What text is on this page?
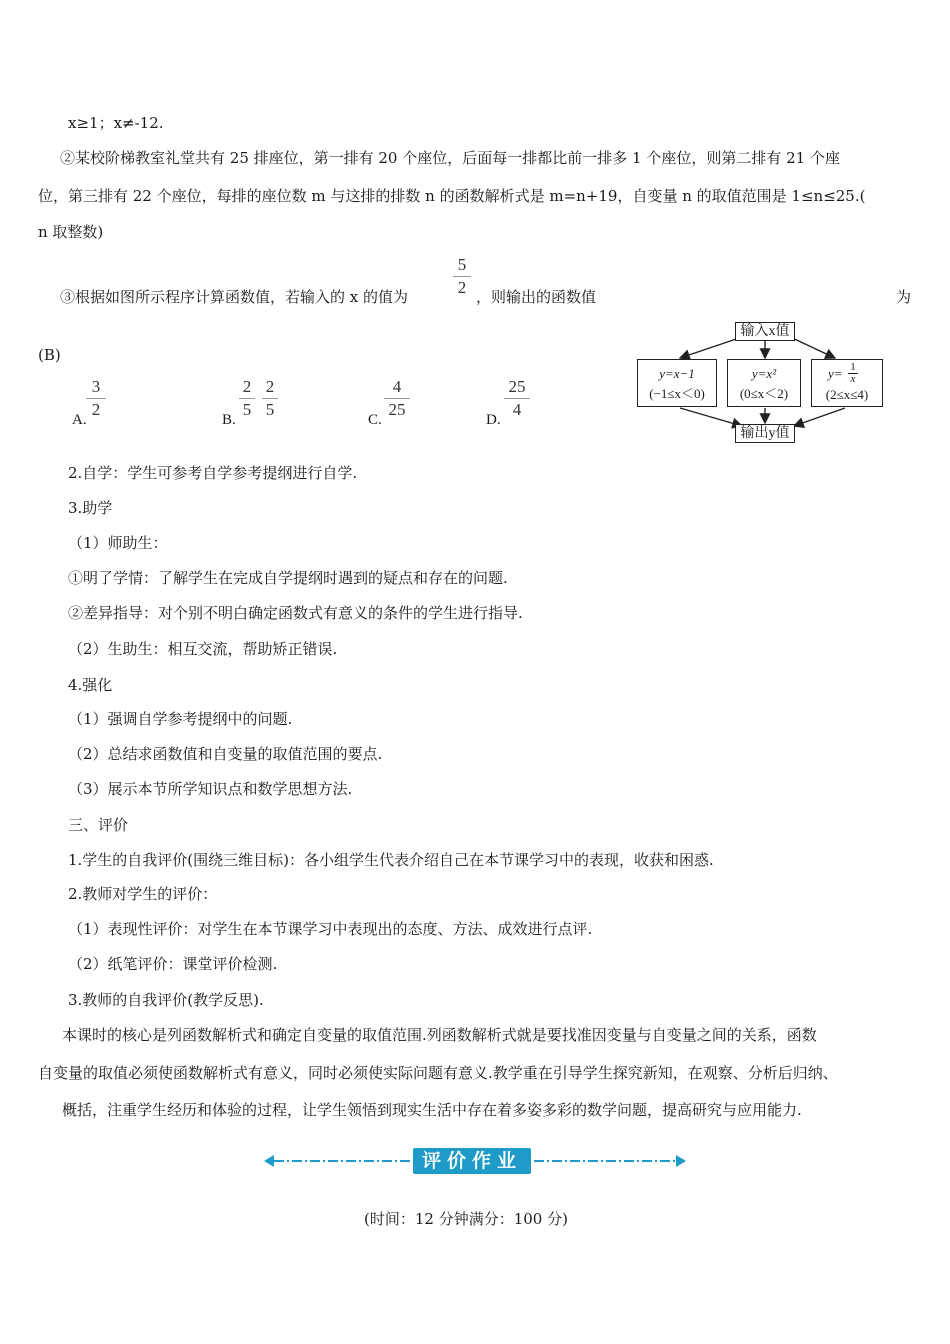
x≥1；x≠-12.
②某校阶梯教室礼堂共有 25 排座位，第一排有 20 个座位，后面每一排都比前一排多 1 个座位，则第二排有 21 个座
位，第三排有 22 个座位，每排的座位数 m 与这排的排数 n 的函数解析式是 m=n+19，自变量 n 的取值范围是 1≤n≤25.(
n 取整数)
③根据如图所示程序计算函数值，若输入的 x 的值为
5
2 ，则输出的函数值	为
(B)
A.
3
2
B.
2
5
2
5
C.
4
25
D.
25
4
输入x值
y=x−1
(−1≤x＜0)
y=x²
(0≤x＜2)
y= 1
x
(2≤x≤4)
输出y值
2.自学：学生可参考自学参考提纲进行自学.
3.助学
（1）师助生：
①明了学情：了解学生在完成自学提纲时遇到的疑点和存在的问题.
②差异指导：对个别不明白确定函数式有意义的条件的学生进行指导.
（2）生助生：相互交流，帮助矫正错误.
4.强化
（1）强调自学参考提纲中的问题.
（2）总结求函数值和自变量的取值范围的要点.
（3）展示本节所学知识点和数学思想方法.
三、评价
1.学生的自我评价(围绕三维目标)：各小组学生代表介绍自己在本节课学习中的表现，收获和困惑.
2.教师对学生的评价：
（1）表现性评价：对学生在本节课学习中表现出的态度、方法、成效进行点评.
（2）纸笔评价：课堂评价检测.
3.教师的自我评价(教学反思).
本课时的核心是列函数解析式和确定自变量的取值范围.列函数解析式就是要找准因变量与自变量之间的关系，函数
自变量的取值必须使函数解析式有意义，同时必须使实际问题有意义.教学重在引导学生探究新知，在观察、分析后归纳、
概括，注重学生经历和体验的过程，让学生领悟到现实生活中存在着多姿多彩的数学问题，提高研究与应用能力.
评价作业
(时间：12 分钟满分：100 分)
